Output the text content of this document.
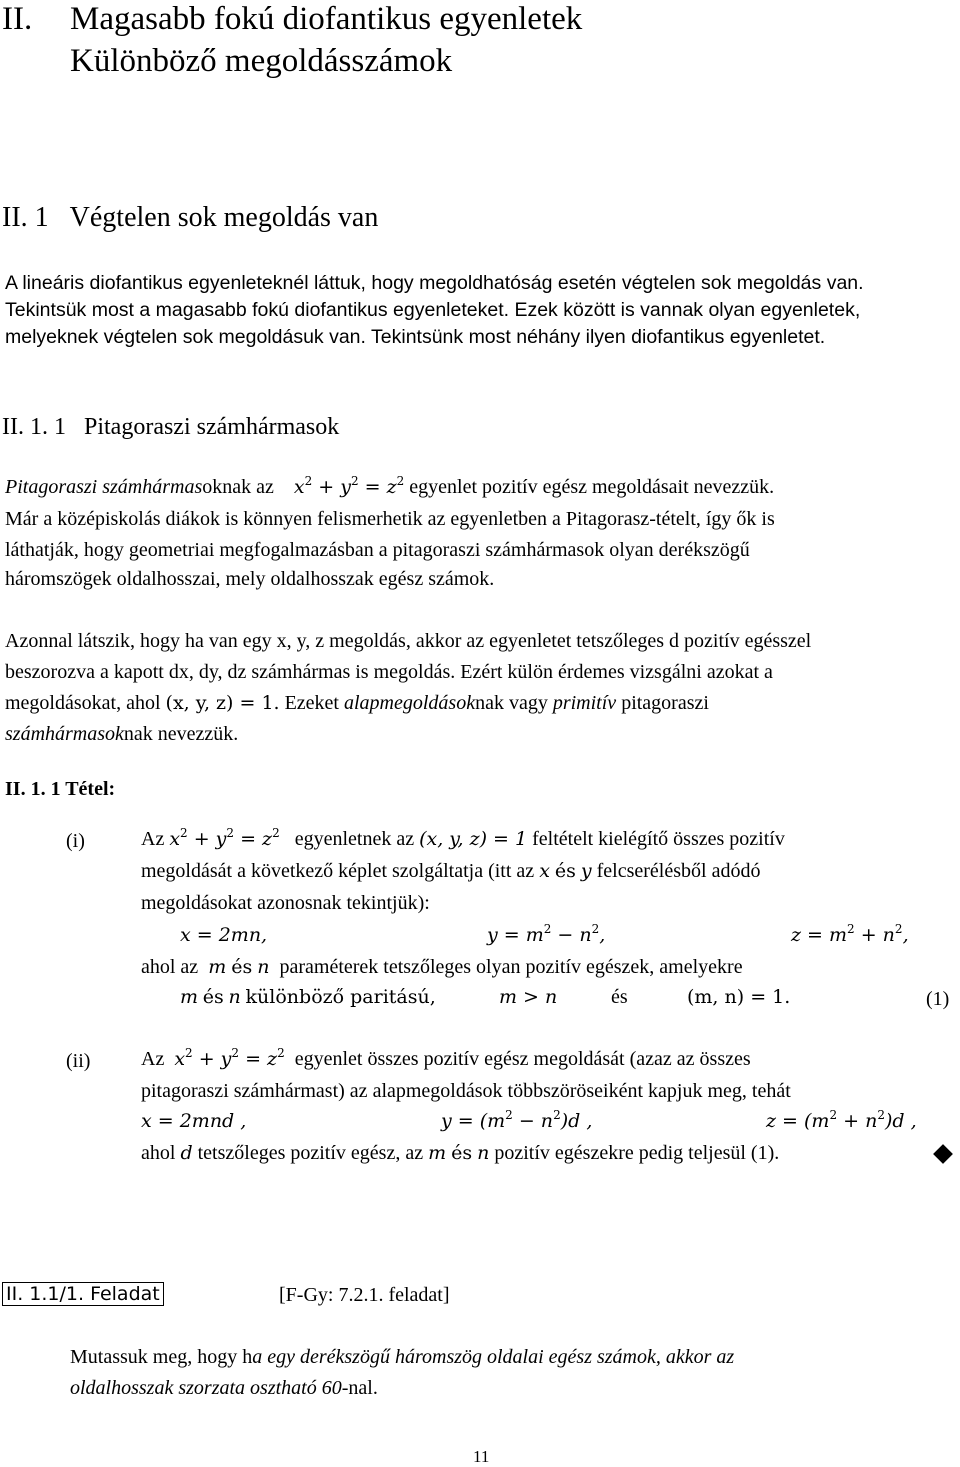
II. Magasabb fokú diofantikus egyenletek
Különböző megoldásszámok
II. 1 Végtelen sok megoldás van
A lineáris diofantikus egyenleteknél láttuk, hogy megoldhatóság esetén végtelen sok megoldás van.
Tekintsük most a magasabb fokú diofantikus egyenleteket. Ezek között is vannak olyan egyenletek,
melyeknek végtelen sok megoldásuk van. Tekintsünk most néhány ilyen diofantikus egyenletet.
II. 1. 1 Pitagoraszi számhármasok
Pitagoraszi számhármasoknak az $x^2 + y^2 = z^2$ egyenlet pozitív egész megoldásait nevezzük.
Már a középiskolás diákok is könnyen felismerhetik az egyenletben a Pitagorasz-tételt, így ők is
láthatják, hogy geometriai megfogalmazásban a pitagoraszi számhármasok olyan derékszögű
háromszögek oldalhosszai, mely oldalhosszak egész számok.
Azonnal látszik, hogy ha van egy x, y, z megoldás, akkor az egyenletet tetszőleges d pozitív egésszel
beszorozva a kapott dx, dy, dz számhármas is megoldás. Ezért külön érdemes vizsgálni azokat a
megoldásokat, ahol (x, y, z) = 1. Ezeket alapmegoldásoknak vagy primitív pitagoraszi
számhármasoknak nevezzük.
II. 1. 1 Tétel:
(i)	Az $x^2 + y^2 = z^2$ egyenletnek az (x, y, z) = 1 feltételt kielégítő összes pozitív
megoldását a következő képlet szolgáltatja (itt az x és y felcserélésből adódó
megoldásokat azonosnak tekintjük):
x = 2mn,	$y = m^2 - n^2$,	$z = m^2 + n^2$,
ahol az m és n paraméterek tetszőleges olyan pozitív egészek, amelyekre
m és n különböző paritású,	m > n	és	(m, n) = 1.	(1)
(ii)	Az $x^2 + y^2 = z^2$ egyenlet összes pozitív egész megoldását (azaz az összes
pitagoraszi számhármast) az alapmegoldások többszöröseiként kapjuk meg, tehát
x = 2mnd ,	$y = (m^2 - n^2)d$ ,	$z = (m^2 + n^2)d$ ,
ahol d tetszőleges pozitív egész, az m és n pozitív egészekre pedig teljesül (1).
II. 1.1/1. Feladat	[F-Gy: 7.2.1. feladat]
Mutassuk meg, hogy ha egy derékszögű háromszög oldalai egész számok, akkor az
oldalhosszak szorzata osztható 60-nal.
11
